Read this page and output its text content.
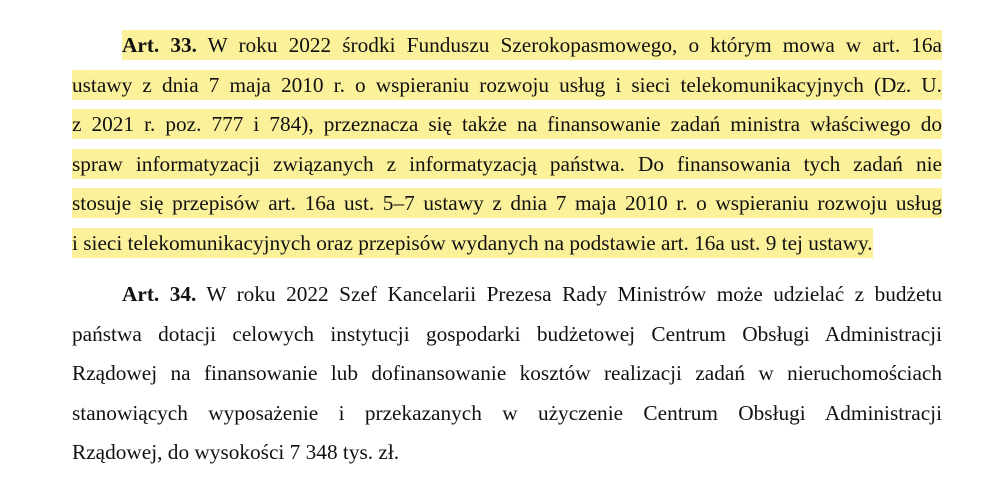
Art. 33. W roku 2022 środki Funduszu Szerokopasmowego, o którym mowa w art. 16a
ustawy z dnia 7 maja 2010 r. o wspieraniu rozwoju usług i sieci telekomunikacyjnych (Dz. U.
z 2021 r. poz. 777 i 784), przeznacza się także na finansowanie zadań ministra właściwego do
spraw informatyzacji związanych z informatyzacją państwa. Do finansowania tych zadań nie
stosuje się przepisów art. 16a ust. 5–7 ustawy z dnia 7 maja 2010 r. o wspieraniu rozwoju usług
i sieci telekomunikacyjnych oraz przepisów wydanych na podstawie art. 16a ust. 9 tej ustawy.
Art. 34. W roku 2022 Szef Kancelarii Prezesa Rady Ministrów może udzielać z budżetu
państwa dotacji celowych instytucji gospodarki budżetowej Centrum Obsługi Administracji
Rządowej na finansowanie lub dofinansowanie kosztów realizacji zadań w nieruchomościach
stanowiących wyposażenie i przekazanych w użyczenie Centrum Obsługi Administracji
Rządowej, do wysokości 7 348 tys. zł.
